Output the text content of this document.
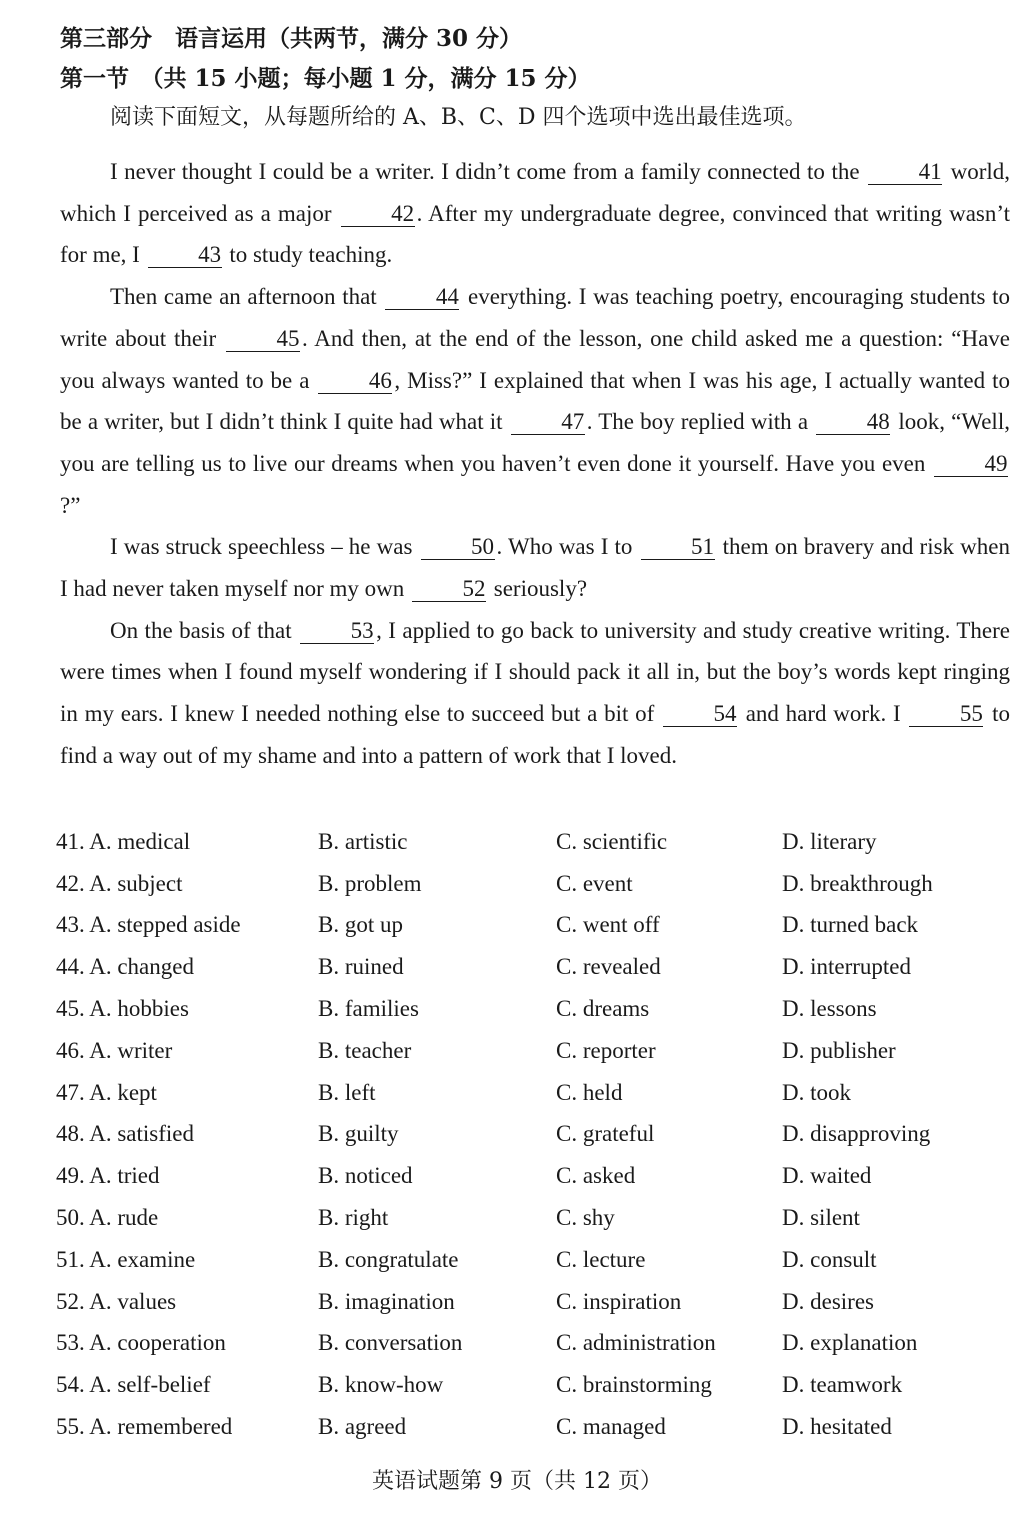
第三部分　语言运用（共两节，满分 30 分）
第一节　（共 15 小题；每小题 1 分，满分 15 分）
阅读下面短文，从每题所给的 A、B、C、D 四个选项中选出最佳选项。

I never thought I could be a writer. I didn’t come from a family connected to the 41 world, which I perceived as a major 42 . After my undergraduate degree, convinced that writing wasn’t for me, I 43 to study teaching.

Then came an afternoon that 44 everything. I was teaching poetry, encouraging students to write about their 45 . And then, at the end of the lesson, one child asked me a question: “Have you always wanted to be a 46 , Miss?” I explained that when I was his age, I actually wanted to be a writer, but I didn’t think I quite had what it 47 . The boy replied with a 48 look, “Well, you are telling us to live our dreams when you haven’t even done it yourself. Have you even 49?”

I was struck speechless – he was 50 . Who was I to 51 them on bravery and risk when I had never taken myself nor my own 52 seriously?

On the basis of that 53 , I applied to go back to university and study creative writing. There were times when I found myself wondering if I should pack it all in, but the boy’s words kept ringing in my ears. I knew I needed nothing else to succeed but a bit of 54 and hard work. I 55 to find a way out of my shame and into a pattern of work that I loved.

41. A. medical	B. artistic	C. scientific	D. literary
42. A. subject	B. problem	C. event	D. breakthrough
43. A. stepped aside	B. got up	C. went off	D. turned back
44. A. changed	B. ruined	C. revealed	D. interrupted
45. A. hobbies	B. families	C. dreams	D. lessons
46. A. writer	B. teacher	C. reporter	D. publisher
47. A. kept	B. left	C. held	D. took
48. A. satisfied	B. guilty	C. grateful	D. disapproving
49. A. tried	B. noticed	C. asked	D. waited
50. A. rude	B. right	C. shy	D. silent
51. A. examine	B. congratulate	C. lecture	D. consult
52. A. values	B. imagination	C. inspiration	D. desires
53. A. cooperation	B. conversation	C. administration	D. explanation
54. A. self-belief	B. know-how	C. brainstorming	D. teamwork
55. A. remembered	B. agreed	C. managed	D. hesitated
英语试题第 9 页（共 12 页）
